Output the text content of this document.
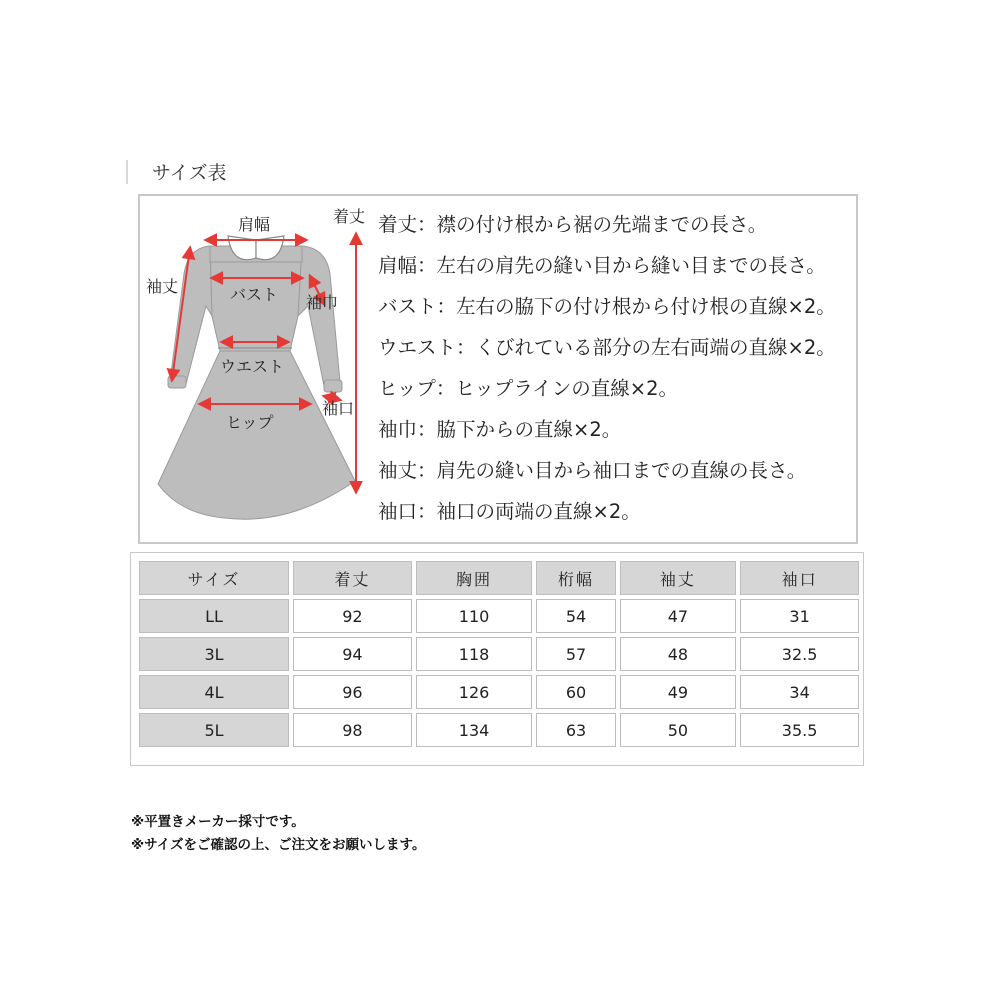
サイズ表
肩幅	着丈
袖丈	バスト 袖巾
ウエスト
袖口
ヒップ
着丈：襟の付け根から裾の先端までの長さ。
肩幅：左右の肩先の縫い目から縫い目までの長さ。
バスト：左右の脇下の付け根から付け根の直線×2。
ウエスト：くびれている部分の左右両端の直線×2。
ヒップ：ヒップラインの直線×2。
袖巾：脇下からの直線×2。
袖丈：肩先の縫い目から袖口までの直線の長さ。
袖口：袖口の両端の直線×2。
サイズ	着丈	胸囲	桁幅	袖丈	袖口
LL	92	110	54	47	31
3L	94	118	57	48	32.5
4L	96	126	60	49	34
5L	98	134	63	50	35.5
※平置きメーカー採寸です。
※サイズをご確認の上、ご注文をお願いします。
